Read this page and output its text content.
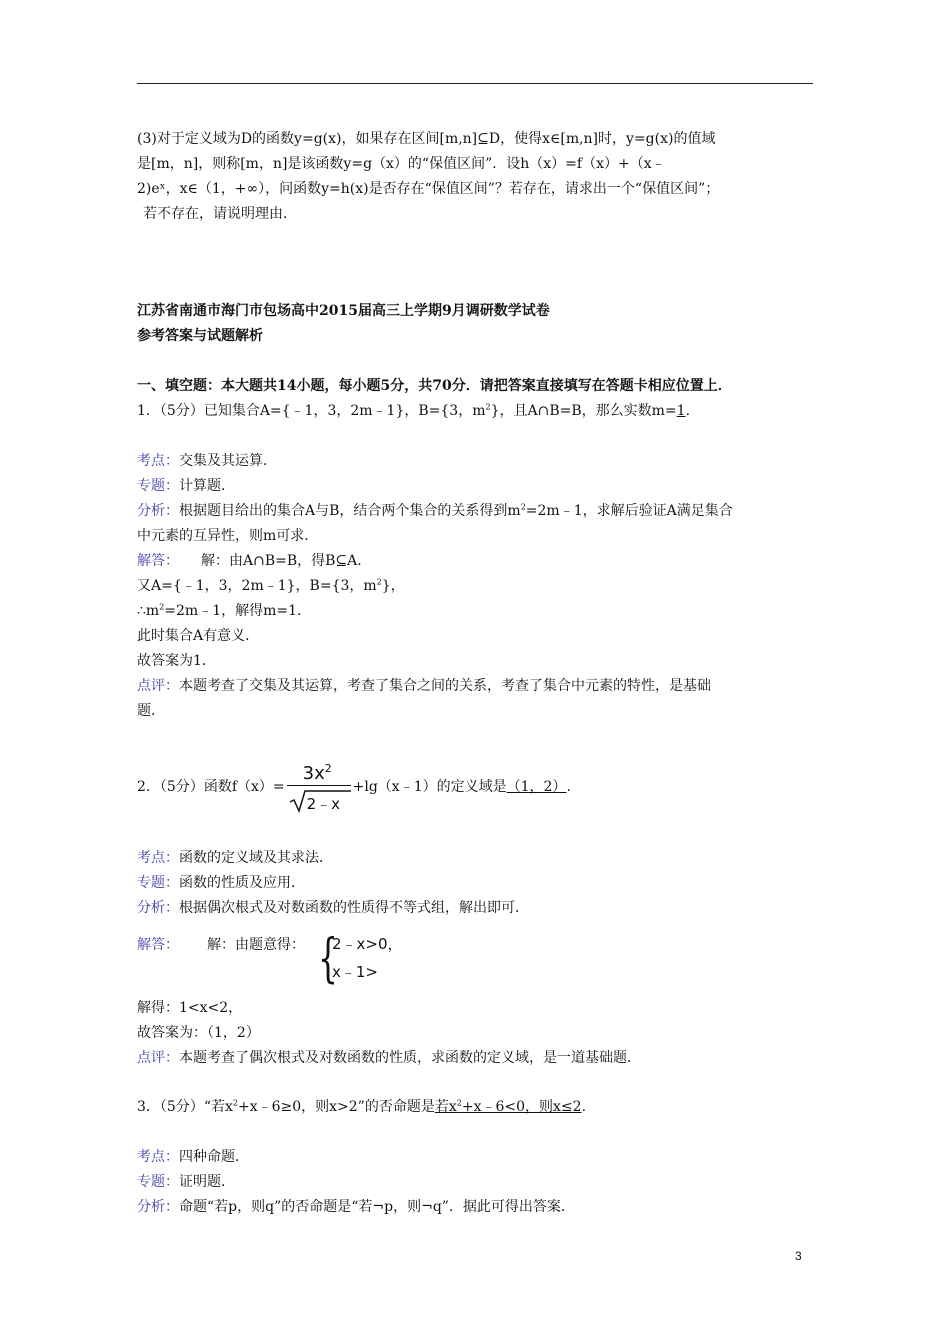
(3)对于定义域为D的函数y=g(x)，如果存在区间[m,n]⊆D，使得x∈[m,n]时，y=g(x)的值域
是[m，n]，则称[m，n]是该函数y=g（x）的“保值区间”．设h（x）=f（x）+（x﹣
2)eˣ，x∈（1，+∞），问函数y=h(x)是否存在“保值区间”？若存在，请求出一个“保值区间”；
若不存在，请说明理由．
江苏省南通市海门市包场高中2015届高三上学期9月调研数学试卷
参考答案与试题解析
一、填空题：本大题共14小题，每小题5分，共70分．请把答案直接填写在答题卡相应位置上．
1．（5分）已知集合A={﹣1，3，2m﹣1}，B={3，$m^2$}，且A∩B=B，那么实数m=1.
考点：交集及其运算．
专题：计算题．
分析：根据题目给出的集合A与B，结合两个集合的关系得到$m^2=2m﹣1$，求解后验证A满足集合
中元素的互异性，则m可求．
解答： 解：由A∩B=B，得B⊆A．
又A={﹣1，3，2m﹣1}，B={3，$m^2$}，
$\therefore m^2=2m﹣1$，解得m=1．
此时集合A有意义．
故答案为1．
点评：本题考查了交集及其运算，考查了集合之间的关系，考查了集合中元素的特性，是基础
题．
2．（5分）函数$f(x)= \frac{3x^2}{2﹣x}$ +lg（x﹣1）的定义域是 （1，2） .
考点：函数的定义域及其求法．
专题：函数的性质及应用．
分析：根据偶次根式及对数函数的性质得不等式组，解出即可．
解答： 解：由题意得： {
2﹣x>0，
x﹣1>
解得：1<x<2，
故答案为：（1，2）
点评：本题考查了偶次根式及对数函数的性质，求函数的定义域，是一道基础题．
3．（5分）“若$x^2+x﹣6\ge 0$，则x>2”的否命题是若$x^2+x﹣6<0$，则x≤2.
考点：四种命题．
专题：证明题．
分析：命题“若p，则q”的否命题是“若¬p，则¬q”．据此可得出答案．
3
